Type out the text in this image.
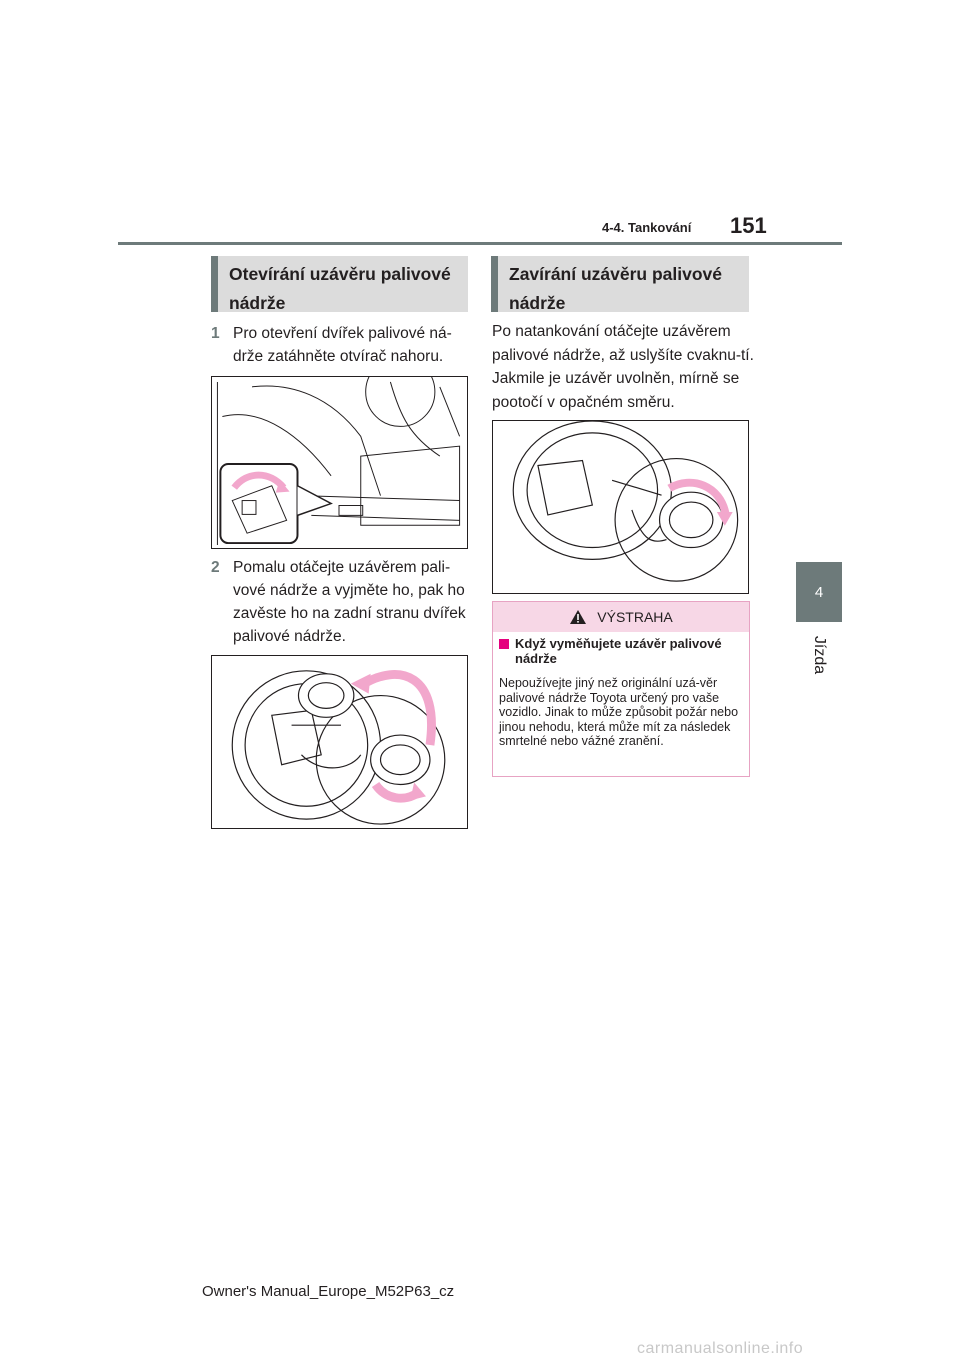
4-4. Tankování 151
4
Jízda
Otevírání uzávěru palivové nádrže
1 Pro otevření dvířek palivové ná-drže zatáhněte otvírač nahoru.
2 Pomalu otáčejte uzávěrem pali-vové nádrže a vyjměte ho, pak ho zavěste ho na zadní stranu dvířek palivové nádrže.
Zavírání uzávěru palivové nádrže
Po natankování otáčejte uzávěrem palivové nádrže, až uslyšíte cvaknu-tí. Jakmile je uzávěr uvolněn, mírně se pootočí v opačném směru.
VÝSTRAHA
Když vyměňujete uzávěr palivové nádrže
Nepoužívejte jiný než originální uzá-věr palivové nádrže Toyota určený pro vaše vozidlo. Jinak to může způsobit požár nebo jinou nehodu, která může mít za následek smrtelné nebo vážné zranění.
Owner's Manual_Europe_M52P63_cz
carmanualsonline.info
